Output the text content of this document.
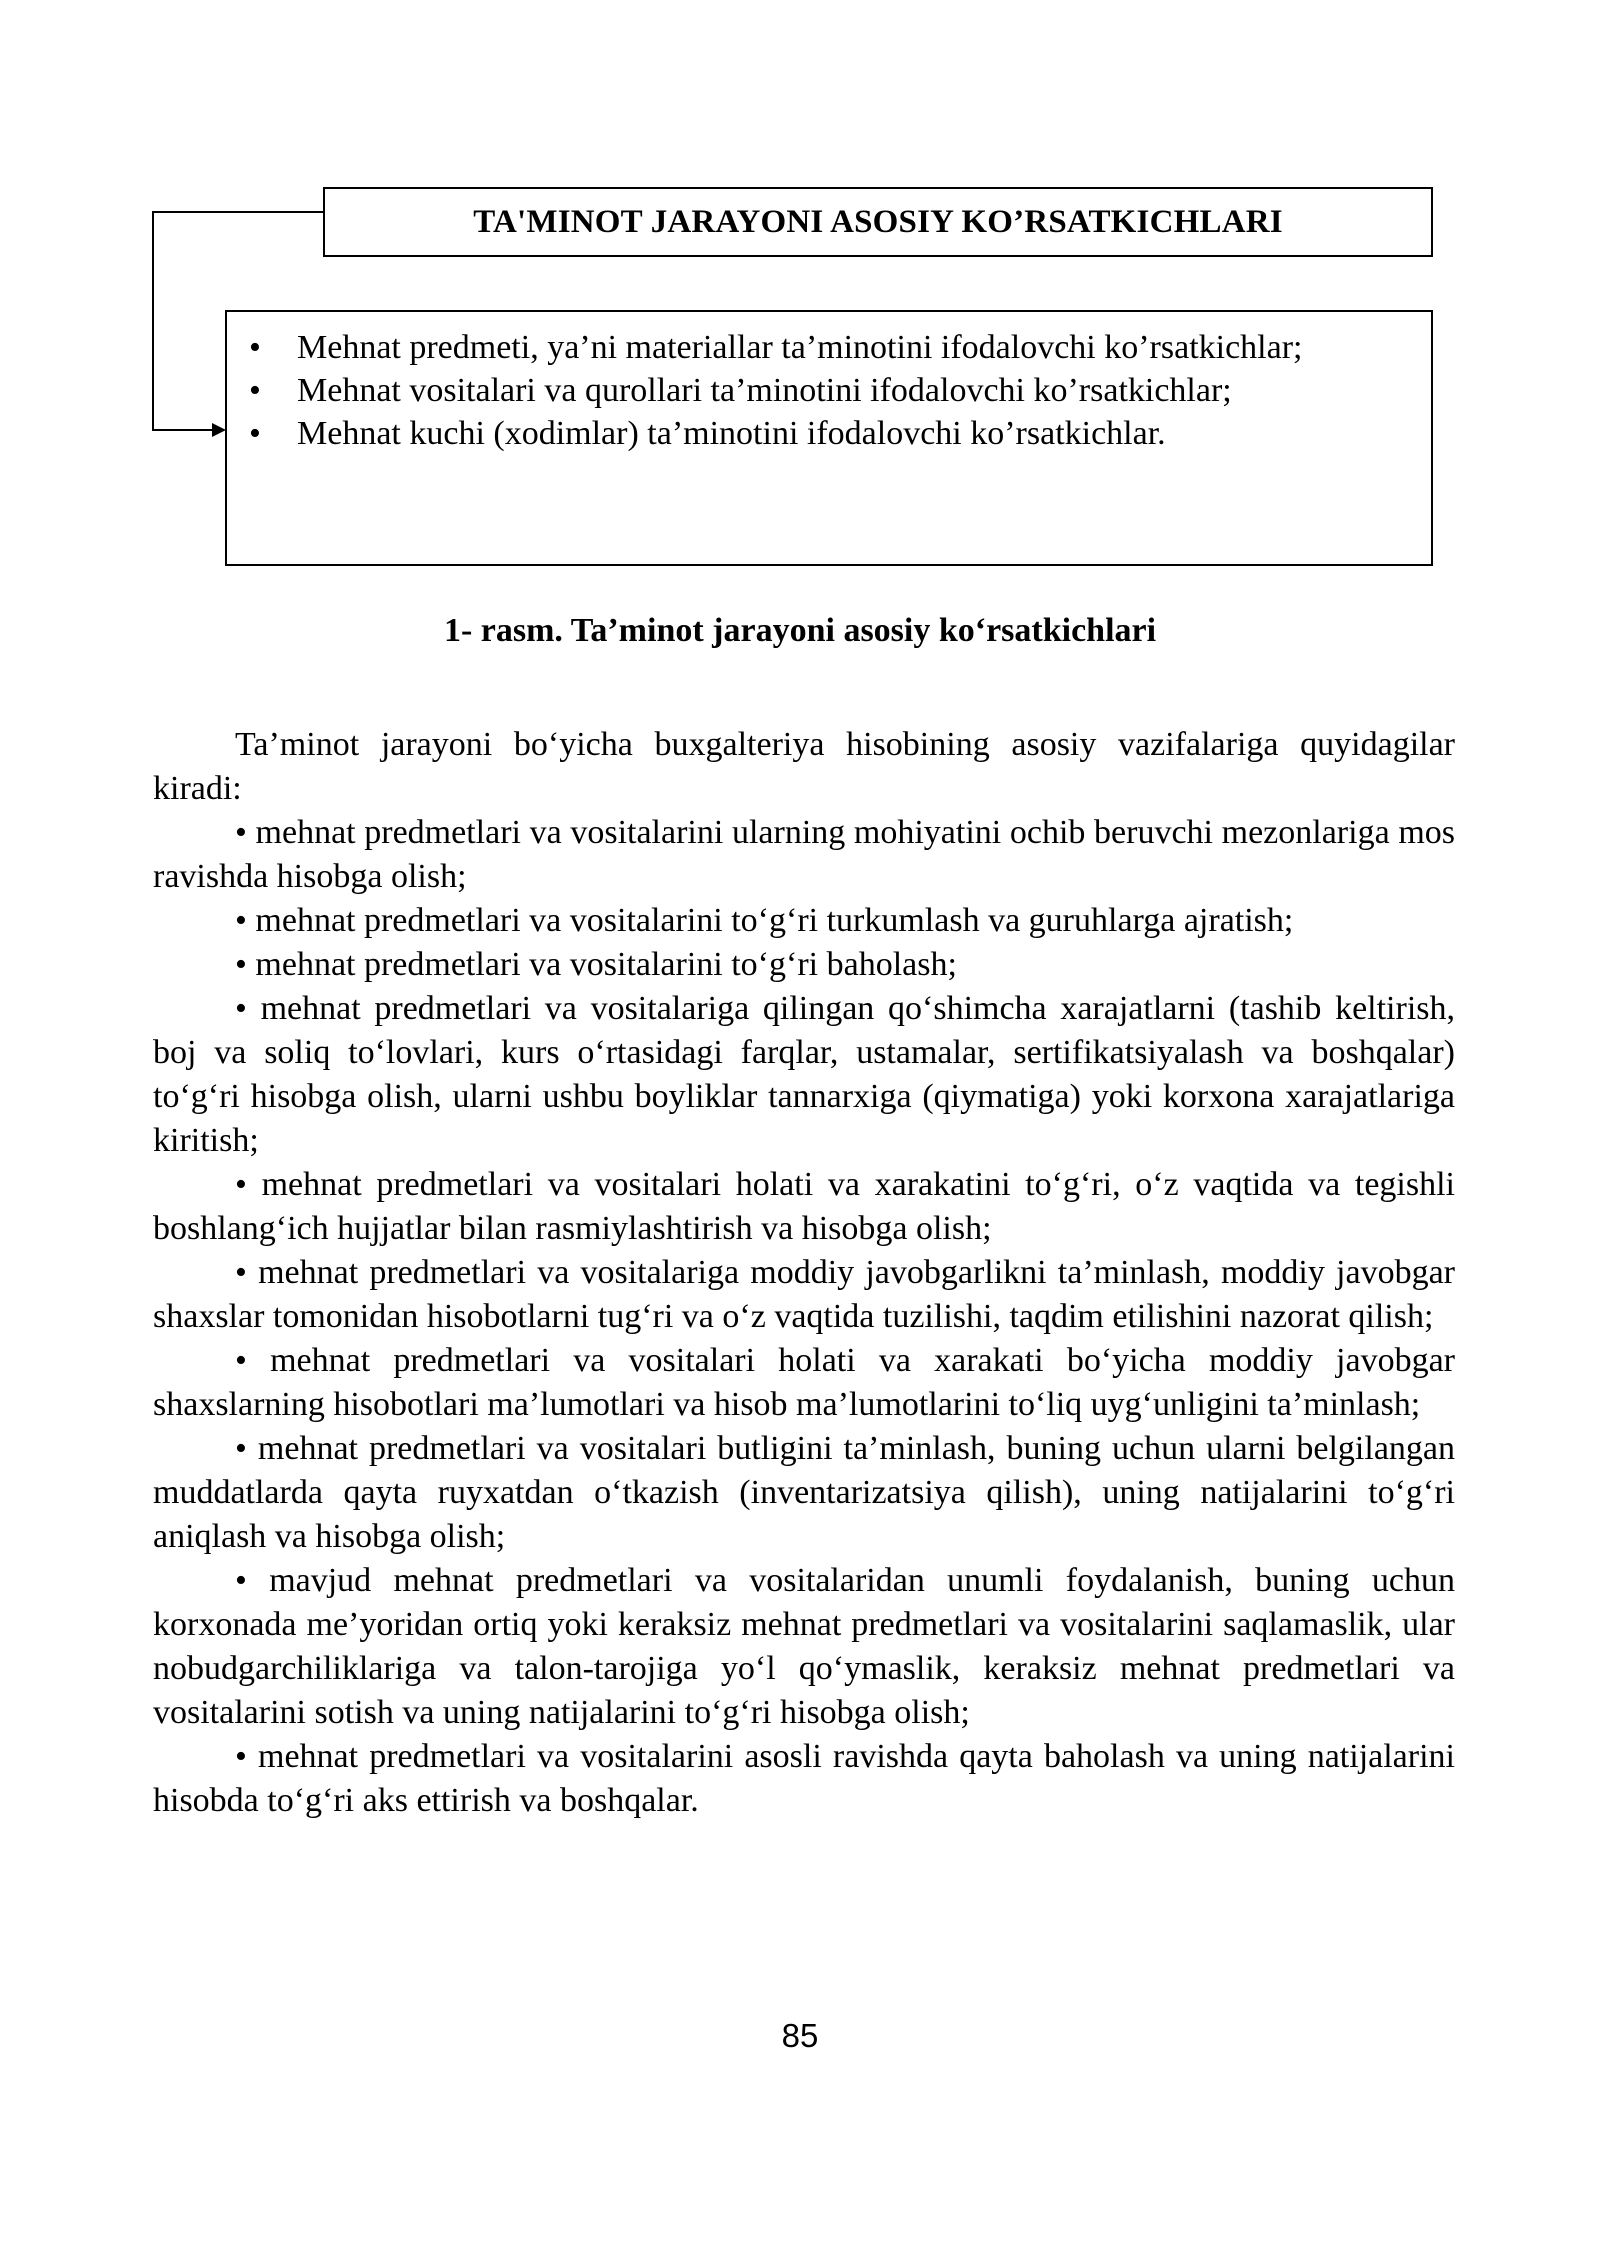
TA'MINOT JARAYONI ASOSIY KO’RSATKICHLARI
• Mehnat predmeti, ya’ni materiallar ta’minotini ifodalovchi ko’rsatkichlar;
• Mehnat vositalari va qurollari ta’minotini ifodalovchi ko’rsatkichlar;
• Mehnat kuchi (xodimlar) ta’minotini ifodalovchi ko’rsatkichlar.
1- rasm. Ta’minot jarayoni asosiy ko‘rsatkichlari

Ta’minot jarayoni bo‘yicha buxgalteriya hisobining asosiy vazifalariga quyidagilar kiradi:

• mehnat predmetlari va vositalarini ularning mohiyatini ochib beruvchi mezonlariga mos ravishda hisobga olish;

• mehnat predmetlari va vositalarini to‘g‘ri turkumlash va guruhlarga ajratish;

• mehnat predmetlari va vositalarini to‘g‘ri baholash;

• mehnat predmetlari va vositalariga qilingan qo‘shimcha xarajatlarni (tashib keltirish, boj va soliq to‘lovlari, kurs o‘rtasidagi farqlar, ustamalar, sertifikatsiyalash va boshqalar) to‘g‘ri hisobga olish, ularni ushbu boyliklar tannarxiga (qiymatiga) yoki korxona xarajatlariga kiritish;

• mehnat predmetlari va vositalari holati va xarakatini to‘g‘ri, o‘z vaqtida va tegishli boshlang‘ich hujjatlar bilan rasmiylashtirish va hisobga olish;

• mehnat predmetlari va vositalariga moddiy javobgarlikni ta’minlash, moddiy javobgar shaxslar tomonidan hisobotlarni tug‘ri va o‘z vaqtida tuzilishi, taqdim etilishini nazorat qilish;

• mehnat predmetlari va vositalari holati va xarakati bo‘yicha moddiy javobgar shaxslarning hisobotlari ma’lumotlari va hisob ma’lumotlarini to‘liq uyg‘unligini ta’minlash;

• mehnat predmetlari va vositalari butligini ta’minlash, buning uchun ularni belgilangan muddatlarda qayta ruyxatdan o‘tkazish (inventarizatsiya qilish), uning natijalarini to‘g‘ri aniqlash va hisobga olish;

• mavjud mehnat predmetlari va vositalaridan unumli foydalanish, buning uchun korxonada me’yoridan ortiq yoki keraksiz mehnat predmetlari va vositalarini saqlamaslik, ular nobudgarchiliklariga va talon-tarojiga yo‘l qo‘ymaslik, keraksiz mehnat predmetlari va vositalarini sotish va uning natijalarini to‘g‘ri hisobga olish;

• mehnat predmetlari va vositalarini asosli ravishda qayta baholash va uning natijalarini hisobda to‘g‘ri aks ettirish va boshqalar.

85
